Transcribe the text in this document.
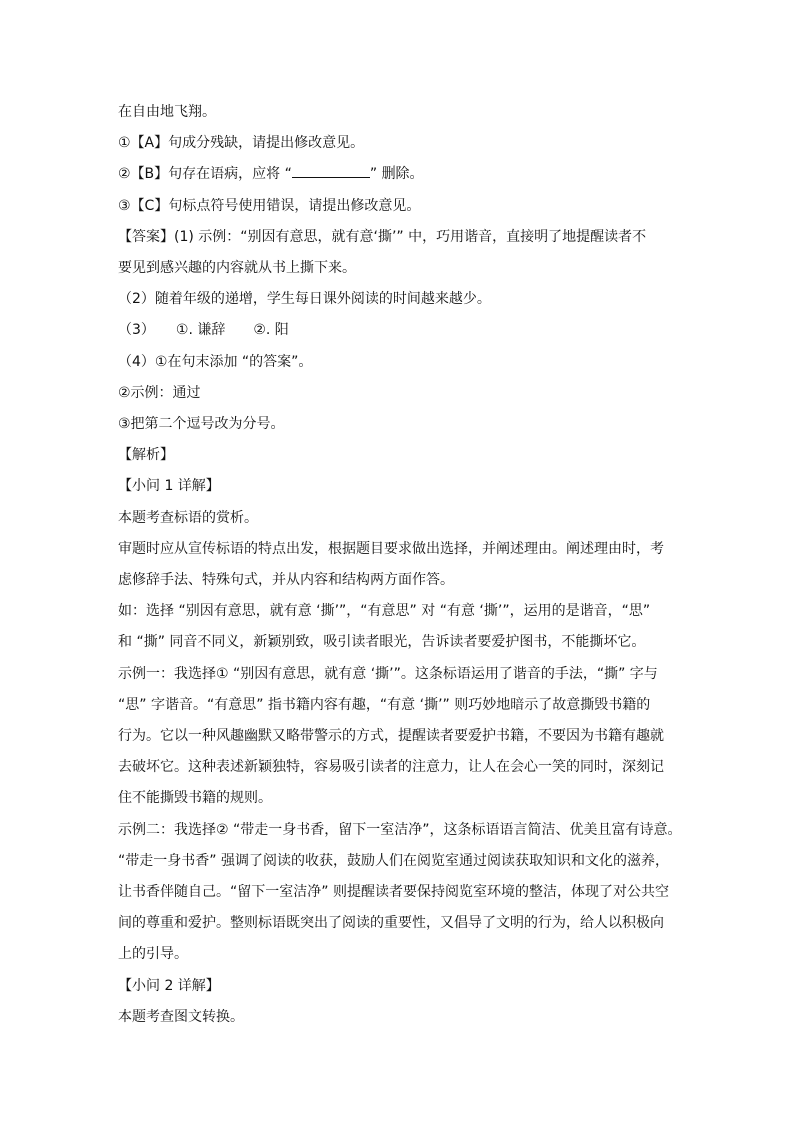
在自由地飞翔。
①【A】句成分残缺，请提出修改意见。
②【B】句存在语病，应将 “	” 删除。
③【C】句标点符号使用错误，请提出修改意见。
【答案】(1) 示例：“别因有意思，就有意‘撕’” 中，巧用谐音，直接明了地提醒读者不
要见到感兴趣的内容就从书上撕下来。
（2）随着年级的递增，学生每日课外阅读的时间越来越少。
（3）　　①. 谦辞　　②. 阳
（4）①在句末添加 “的答案”。
②示例：通过
③把第二个逗号改为分号。
【解析】
【小问 1 详解】
本题考查标语的赏析。
审题时应从宣传标语的特点出发，根据题目要求做出选择，并阐述理由。阐述理由时，考
虑修辞手法、特殊句式，并从内容和结构两方面作答。
如：选择 “别因有意思，就有意 ‘撕’”，“有意思” 对 “有意 ‘撕’”，运用的是谐音，“思”
和 “撕” 同音不同义，新颖别致，吸引读者眼光，告诉读者要爱护图书，不能撕坏它。
示例一：我选择① “别因有意思，就有意 ‘撕’”。这条标语运用了谐音的手法，“撕” 字与
“思” 字谐音。“有意思” 指书籍内容有趣，“有意 ‘撕’” 则巧妙地暗示了故意撕毁书籍的
行为。它以一种风趣幽默又略带警示的方式，提醒读者要爱护书籍，不要因为书籍有趣就
去破坏它。这种表述新颖独特，容易吸引读者的注意力，让人在会心一笑的同时，深刻记
住不能撕毁书籍的规则。
示例二：我选择② “带走一身书香，留下一室洁净”，这条标语语言简洁、优美且富有诗意。
“带走一身书香” 强调了阅读的收获，鼓励人们在阅览室通过阅读获取知识和文化的滋养，
让书香伴随自己。“留下一室洁净” 则提醒读者要保持阅览室环境的整洁，体现了对公共空
间的尊重和爱护。整则标语既突出了阅读的重要性，又倡导了文明的行为，给人以积极向
上的引导。
【小问 2 详解】
本题考查图文转换。
